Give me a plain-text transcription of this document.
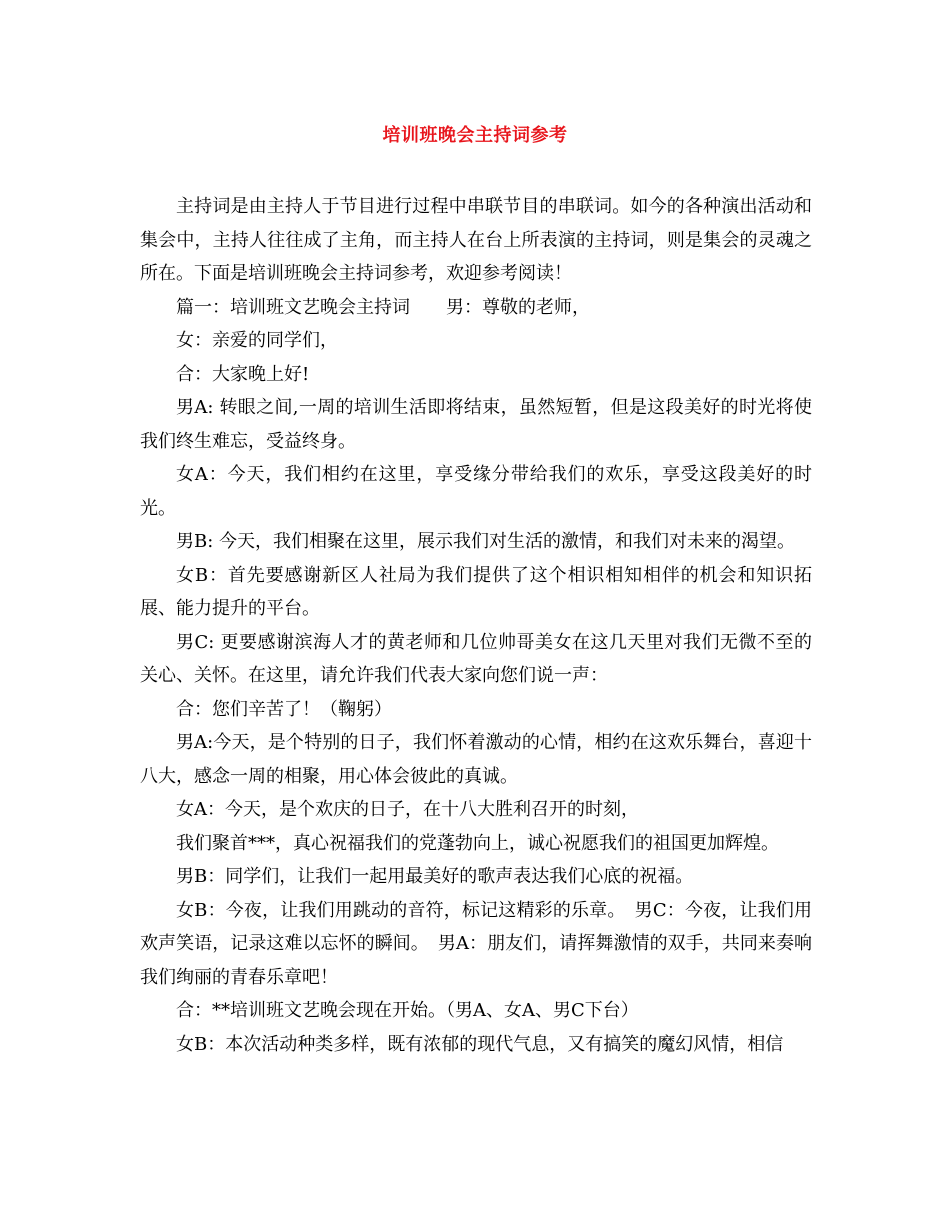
培训班晚会主持词参考

主持词是由主持人于节目进行过程中串联节目的串联词。如今的各种演出活动和集会中，主持人往往成了主角，而主持人在台上所表演的主持词，则是集会的灵魂之所在。下面是培训班晚会主持词参考，欢迎参考阅读！

篇一：培训班文艺晚会主持词　　男：尊敬的老师，

女：亲爱的同学们，

合：大家晚上好!

男A: 转眼之间,一周的培训生活即将结束，虽然短暂，但是这段美好的时光将使我们终生难忘，受益终身。

女A：今天，我们相约在这里，享受缘分带给我们的欢乐，享受这段美好的时光。

男B: 今天，我们相聚在这里，展示我们对生活的激情，和我们对未来的渴望。

女B：首先要感谢新区人社局为我们提供了这个相识相知相伴的机会和知识拓展、能力提升的平台。

男C: 更要感谢滨海人才的黄老师和几位帅哥美女在这几天里对我们无微不至的关心、关怀。在这里，请允许我们代表大家向您们说一声：

合：您们辛苦了！（鞠躬）

男A:今天，是个特别的日子，我们怀着激动的心情，相约在这欢乐舞台，喜迎十八大，感念一周的相聚，用心体会彼此的真诚。

女A：今天，是个欢庆的日子，在十八大胜利召开的时刻，

我们聚首***，真心祝福我们的党蓬勃向上，诚心祝愿我们的祖国更加辉煌。

男B：同学们，让我们一起用最美好的歌声表达我们心底的祝福。

女B：今夜，让我们用跳动的音符，标记这精彩的乐章。　男C：今夜，让我们用欢声笑语，记录这难以忘怀的瞬间。　男A：朋友们，请挥舞激情的双手，共同来奏响我们绚丽的青春乐章吧！

合：**培训班文艺晚会现在开始。（男A、女A、男C下台）

女B：本次活动种类多样，既有浓郁的现代气息，又有搞笑的魔幻风情，相信
